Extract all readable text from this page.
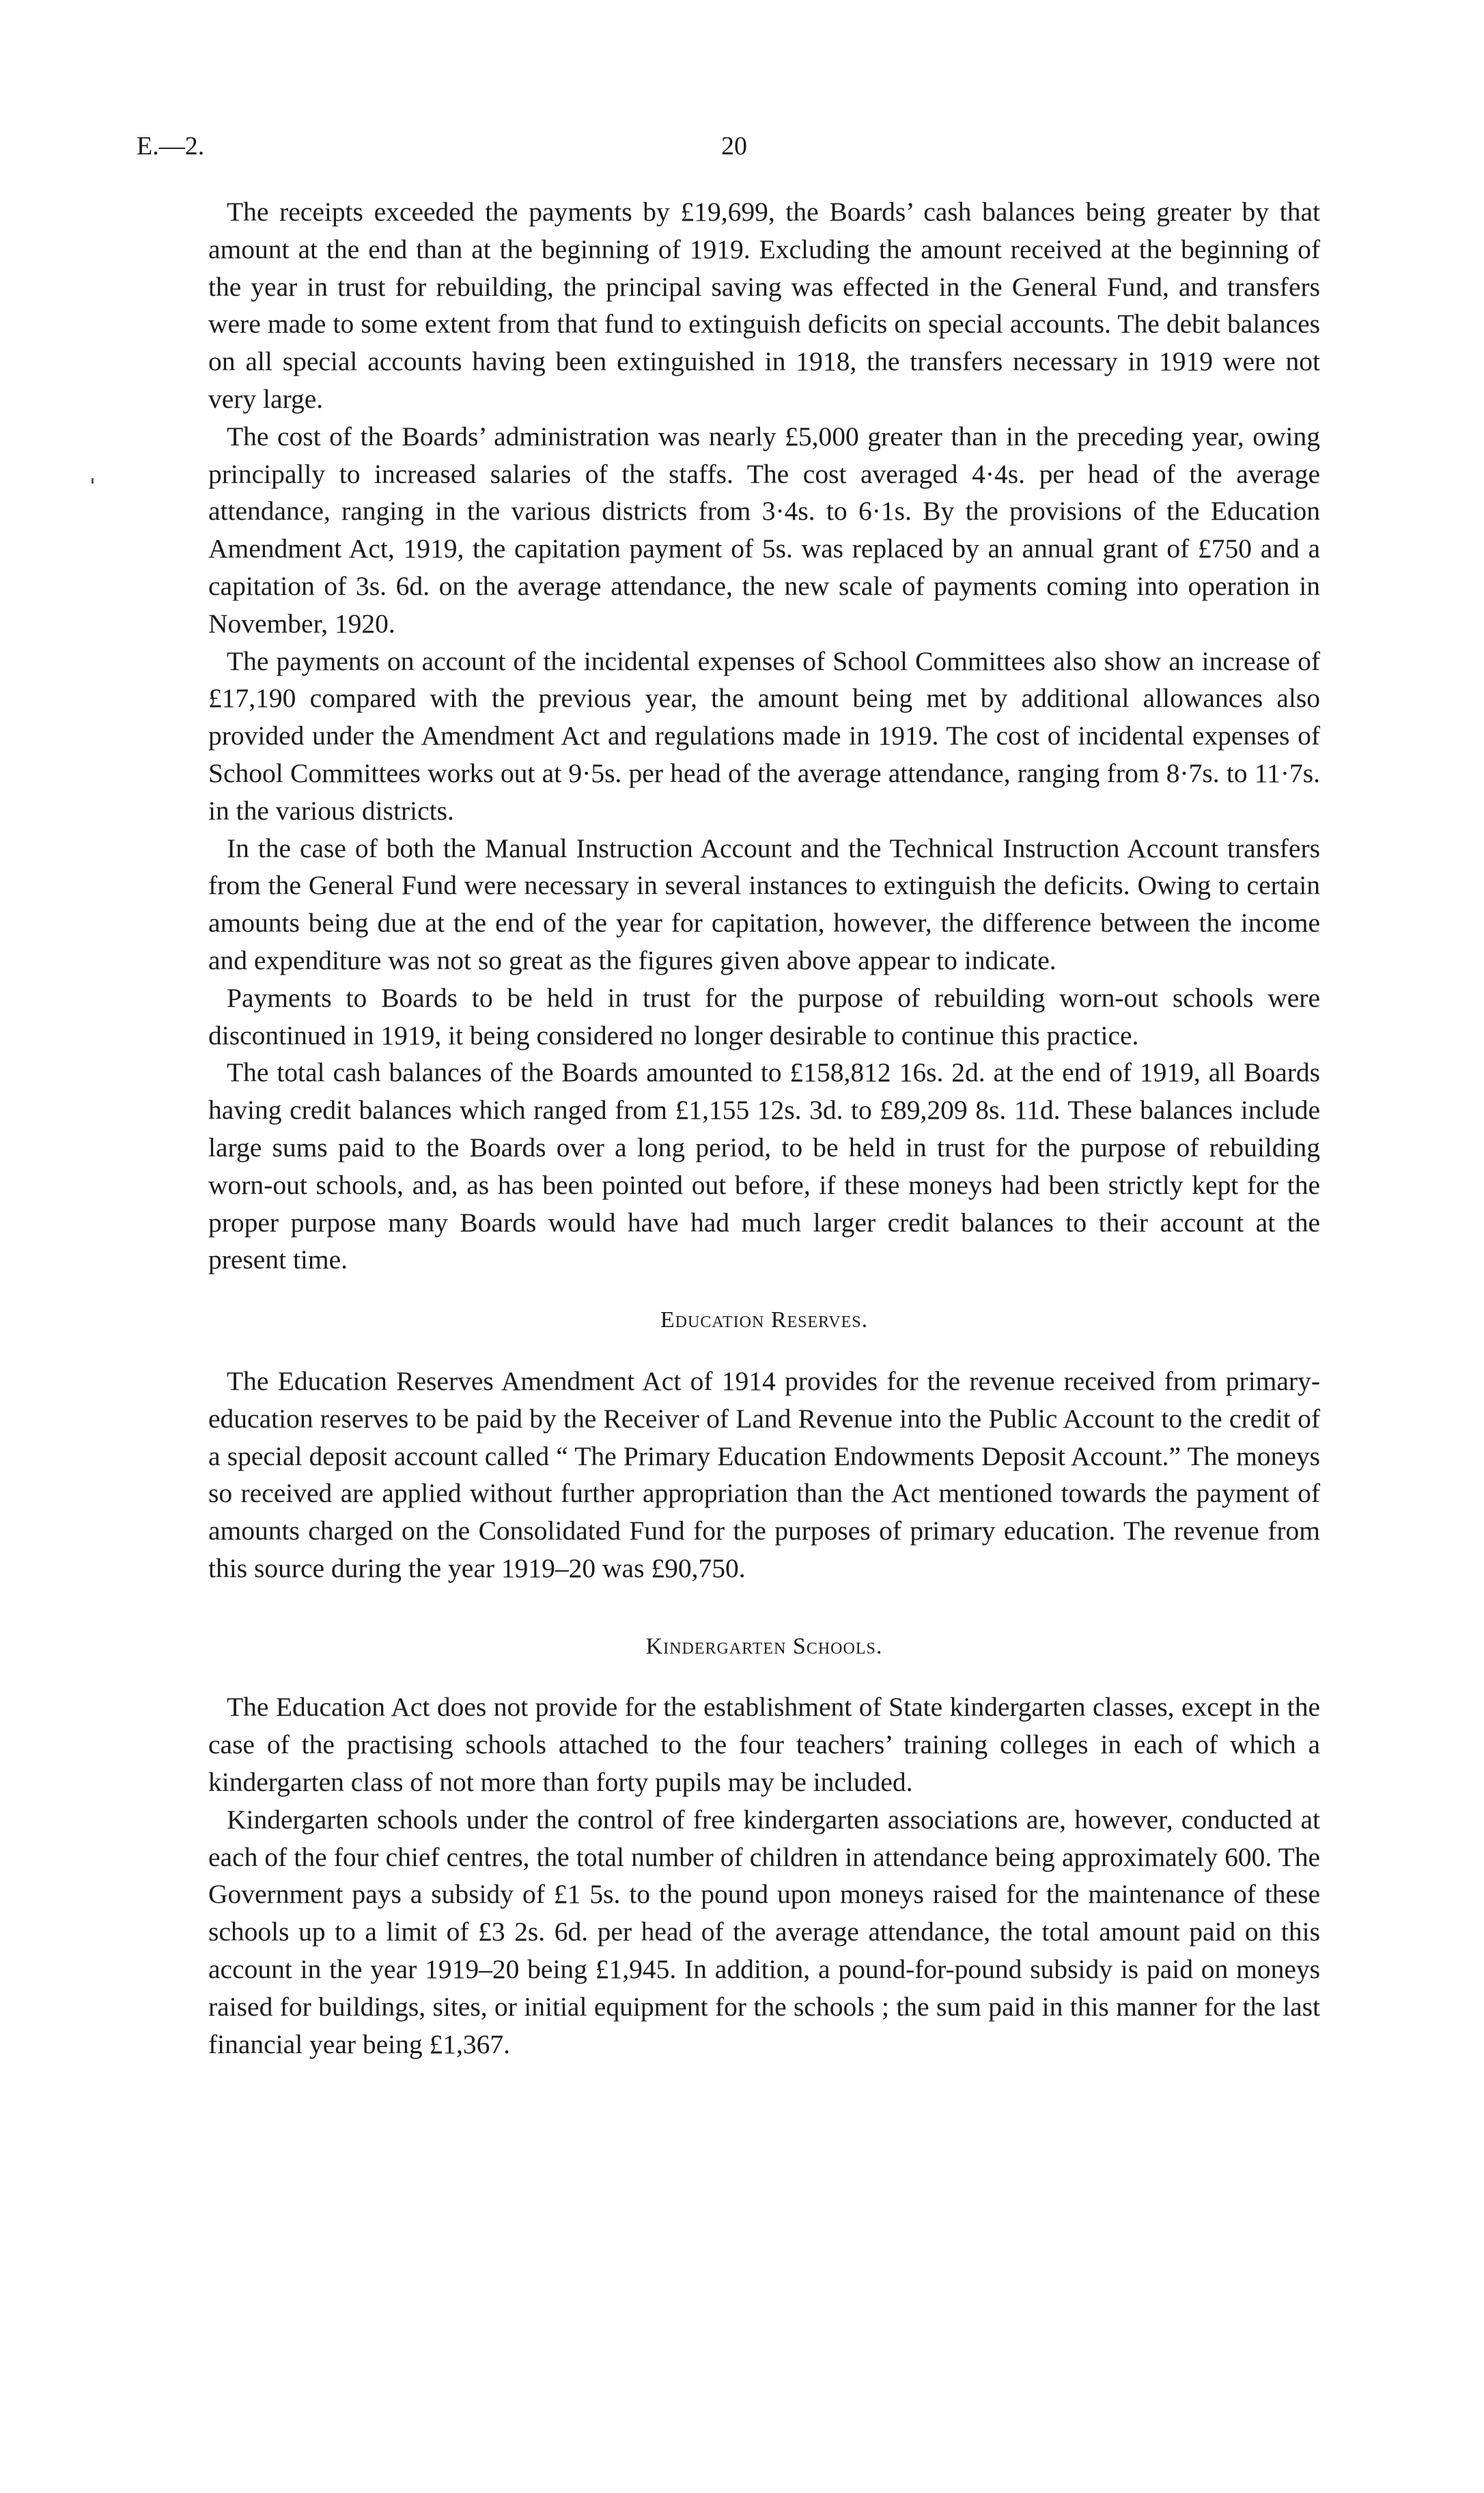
E.—2.	20

The receipts exceeded the payments by £19,699, the Boards’ cash balances being greater by that amount at the end than at the beginning of 1919. Excluding the amount received at the beginning of the year in trust for rebuilding, the principal saving was effected in the General Fund, and transfers were made to some extent from that fund to extinguish deficits on special accounts. The debit balances on all special accounts having been extinguished in 1918, the transfers necessary in 1919 were not very large.

The cost of the Boards’ administration was nearly £5,000 greater than in the preceding year, owing principally to increased salaries of the staffs. The cost averaged 4·4s. per head of the average attendance, ranging in the various districts from 3·4s. to 6·1s. By the provisions of the Education Amendment Act, 1919, the capitation payment of 5s. was replaced by an annual grant of £750 and a capitation of 3s. 6d. on the average attendance, the new scale of payments coming into operation in November, 1920.

The payments on account of the incidental expenses of School Committees also show an increase of £17,190 compared with the previous year, the amount being met by additional allowances also provided under the Amendment Act and regulations made in 1919. The cost of incidental expenses of School Committees works out at 9·5s. per head of the average attendance, ranging from 8·7s. to 11·7s. in the various districts.

In the case of both the Manual Instruction Account and the Technical Instruction Account transfers from the General Fund were necessary in several instances to extinguish the deficits. Owing to certain amounts being due at the end of the year for capitation, however, the difference between the income and expenditure was not so great as the figures given above appear to indicate.

Payments to Boards to be held in trust for the purpose of rebuilding worn-out schools were discontinued in 1919, it being considered no longer desirable to continue this practice.

The total cash balances of the Boards amounted to £158,812 16s. 2d. at the end of 1919, all Boards having credit balances which ranged from £1,155 12s. 3d. to £89,209 8s. 11d. These balances include large sums paid to the Boards over a long period, to be held in trust for the purpose of rebuilding worn-out schools, and, as has been pointed out before, if these moneys had been strictly kept for the proper purpose many Boards would have had much larger credit balances to their account at the present time.

Education Reserves.

The Education Reserves Amendment Act of 1914 provides for the revenue received from primary-education reserves to be paid by the Receiver of Land Revenue into the Public Account to the credit of a special deposit account called “ The Primary Education Endowments Deposit Account.” The moneys so received are applied without further appropriation than the Act mentioned towards the payment of amounts charged on the Consolidated Fund for the purposes of primary education. The revenue from this source during the year 1919–20 was £90,750.

Kindergarten Schools.

The Education Act does not provide for the establishment of State kindergarten classes, except in the case of the practising schools attached to the four teachers’ training colleges in each of which a kindergarten class of not more than forty pupils may be included.

Kindergarten schools under the control of free kindergarten associations are, however, conducted at each of the four chief centres, the total number of children in attendance being approximately 600. The Government pays a subsidy of £1 5s. to the pound upon moneys raised for the maintenance of these schools up to a limit of £3 2s. 6d. per head of the average attendance, the total amount paid on this account in the year 1919–20 being £1,945. In addition, a pound-for-pound subsidy is paid on moneys raised for buildings, sites, or initial equipment for the schools ; the sum paid in this manner for the last financial year being £1,367.
